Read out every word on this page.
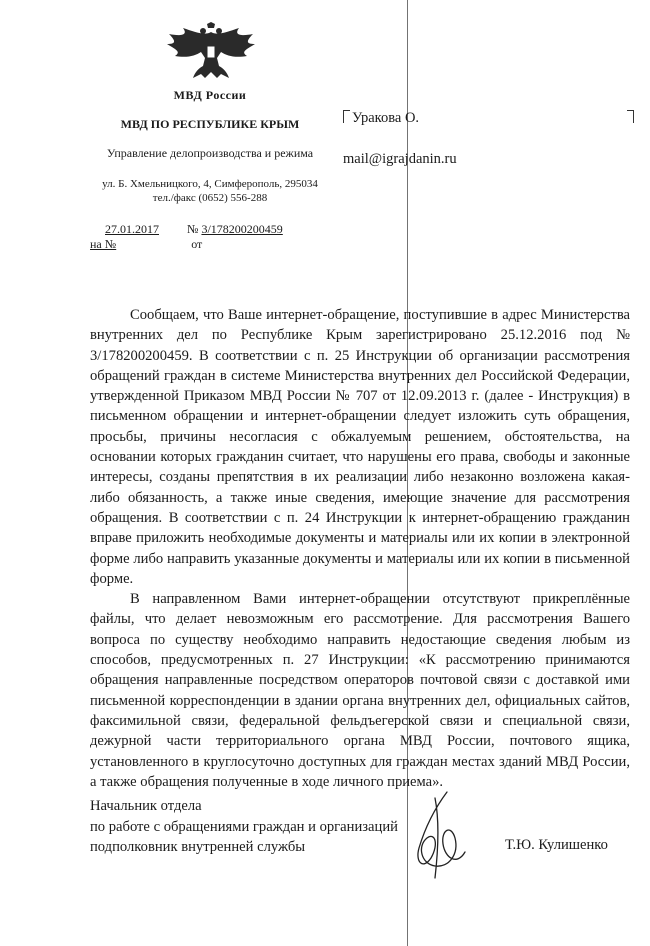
МВД России
МВД ПО РЕСПУБЛИКЕ КРЫМ
Управление делопроизводства и режима
ул. Б. Хмельницкого, 4, Симферополь, 295034
тел./факс (0652) 556-288
27.01.2017 № 3/178200200459
на №	от
Уракова О.
mail@igrajdanin.ru

Сообщаем, что Ваше интернет-обращение, поступившие в адрес Министерства внутренних дел по Республике Крым зарегистрировано 25.12.2016 под № 3/178200200459. В соответствии с п. 25 Инструкции об организации рассмотрения обращений граждан в системе Министерства внутренних дел Российской Федерации, утвержденной Приказом МВД России № 707 от 12.09.2013 г. (далее - Инструкция) в письменном обращении и интернет-обращении следует изложить суть обращения, просьбы, причины несогласия с обжалуемым решением, обстоятельства, на основании которых гражданин считает, что нарушены его права, свободы и законные интересы, созданы препятствия в их реализации либо незаконно возложена какая-либо обязанность, а также иные сведения, имеющие значение для рассмотрения обращения. В соответствии с п. 24 Инструкции к интернет-обращению гражданин вправе приложить необходимые документы и материалы или их копии в электронной форме либо направить указанные документы и материалы или их копии в письменной форме.

В направленном Вами интернет-обращении отсутствуют прикреплённые файлы, что делает невозможным его рассмотрение. Для рассмотрения Вашего вопроса по существу необходимо направить недостающие сведения любым из способов, предусмотренных п. 27 Инструкции: «К рассмотрению принимаются обращения направленные посредством операторов почтовой связи с доставкой ими письменной корреспонденции в здании органа внутренних дел, официальных сайтов, факсимильной связи, федеральной фельдъегерской связи и специальной связи, дежурной части территориального органа МВД России, почтового ящика, установленного в круглосуточно доступных для граждан местах зданий МВД России, а также обращения полученные в ходе личного приема».

Начальник отдела
по работе с обращениями граждан и организаций
подполковник внутренней службы	Т.Ю. Кулишенко
